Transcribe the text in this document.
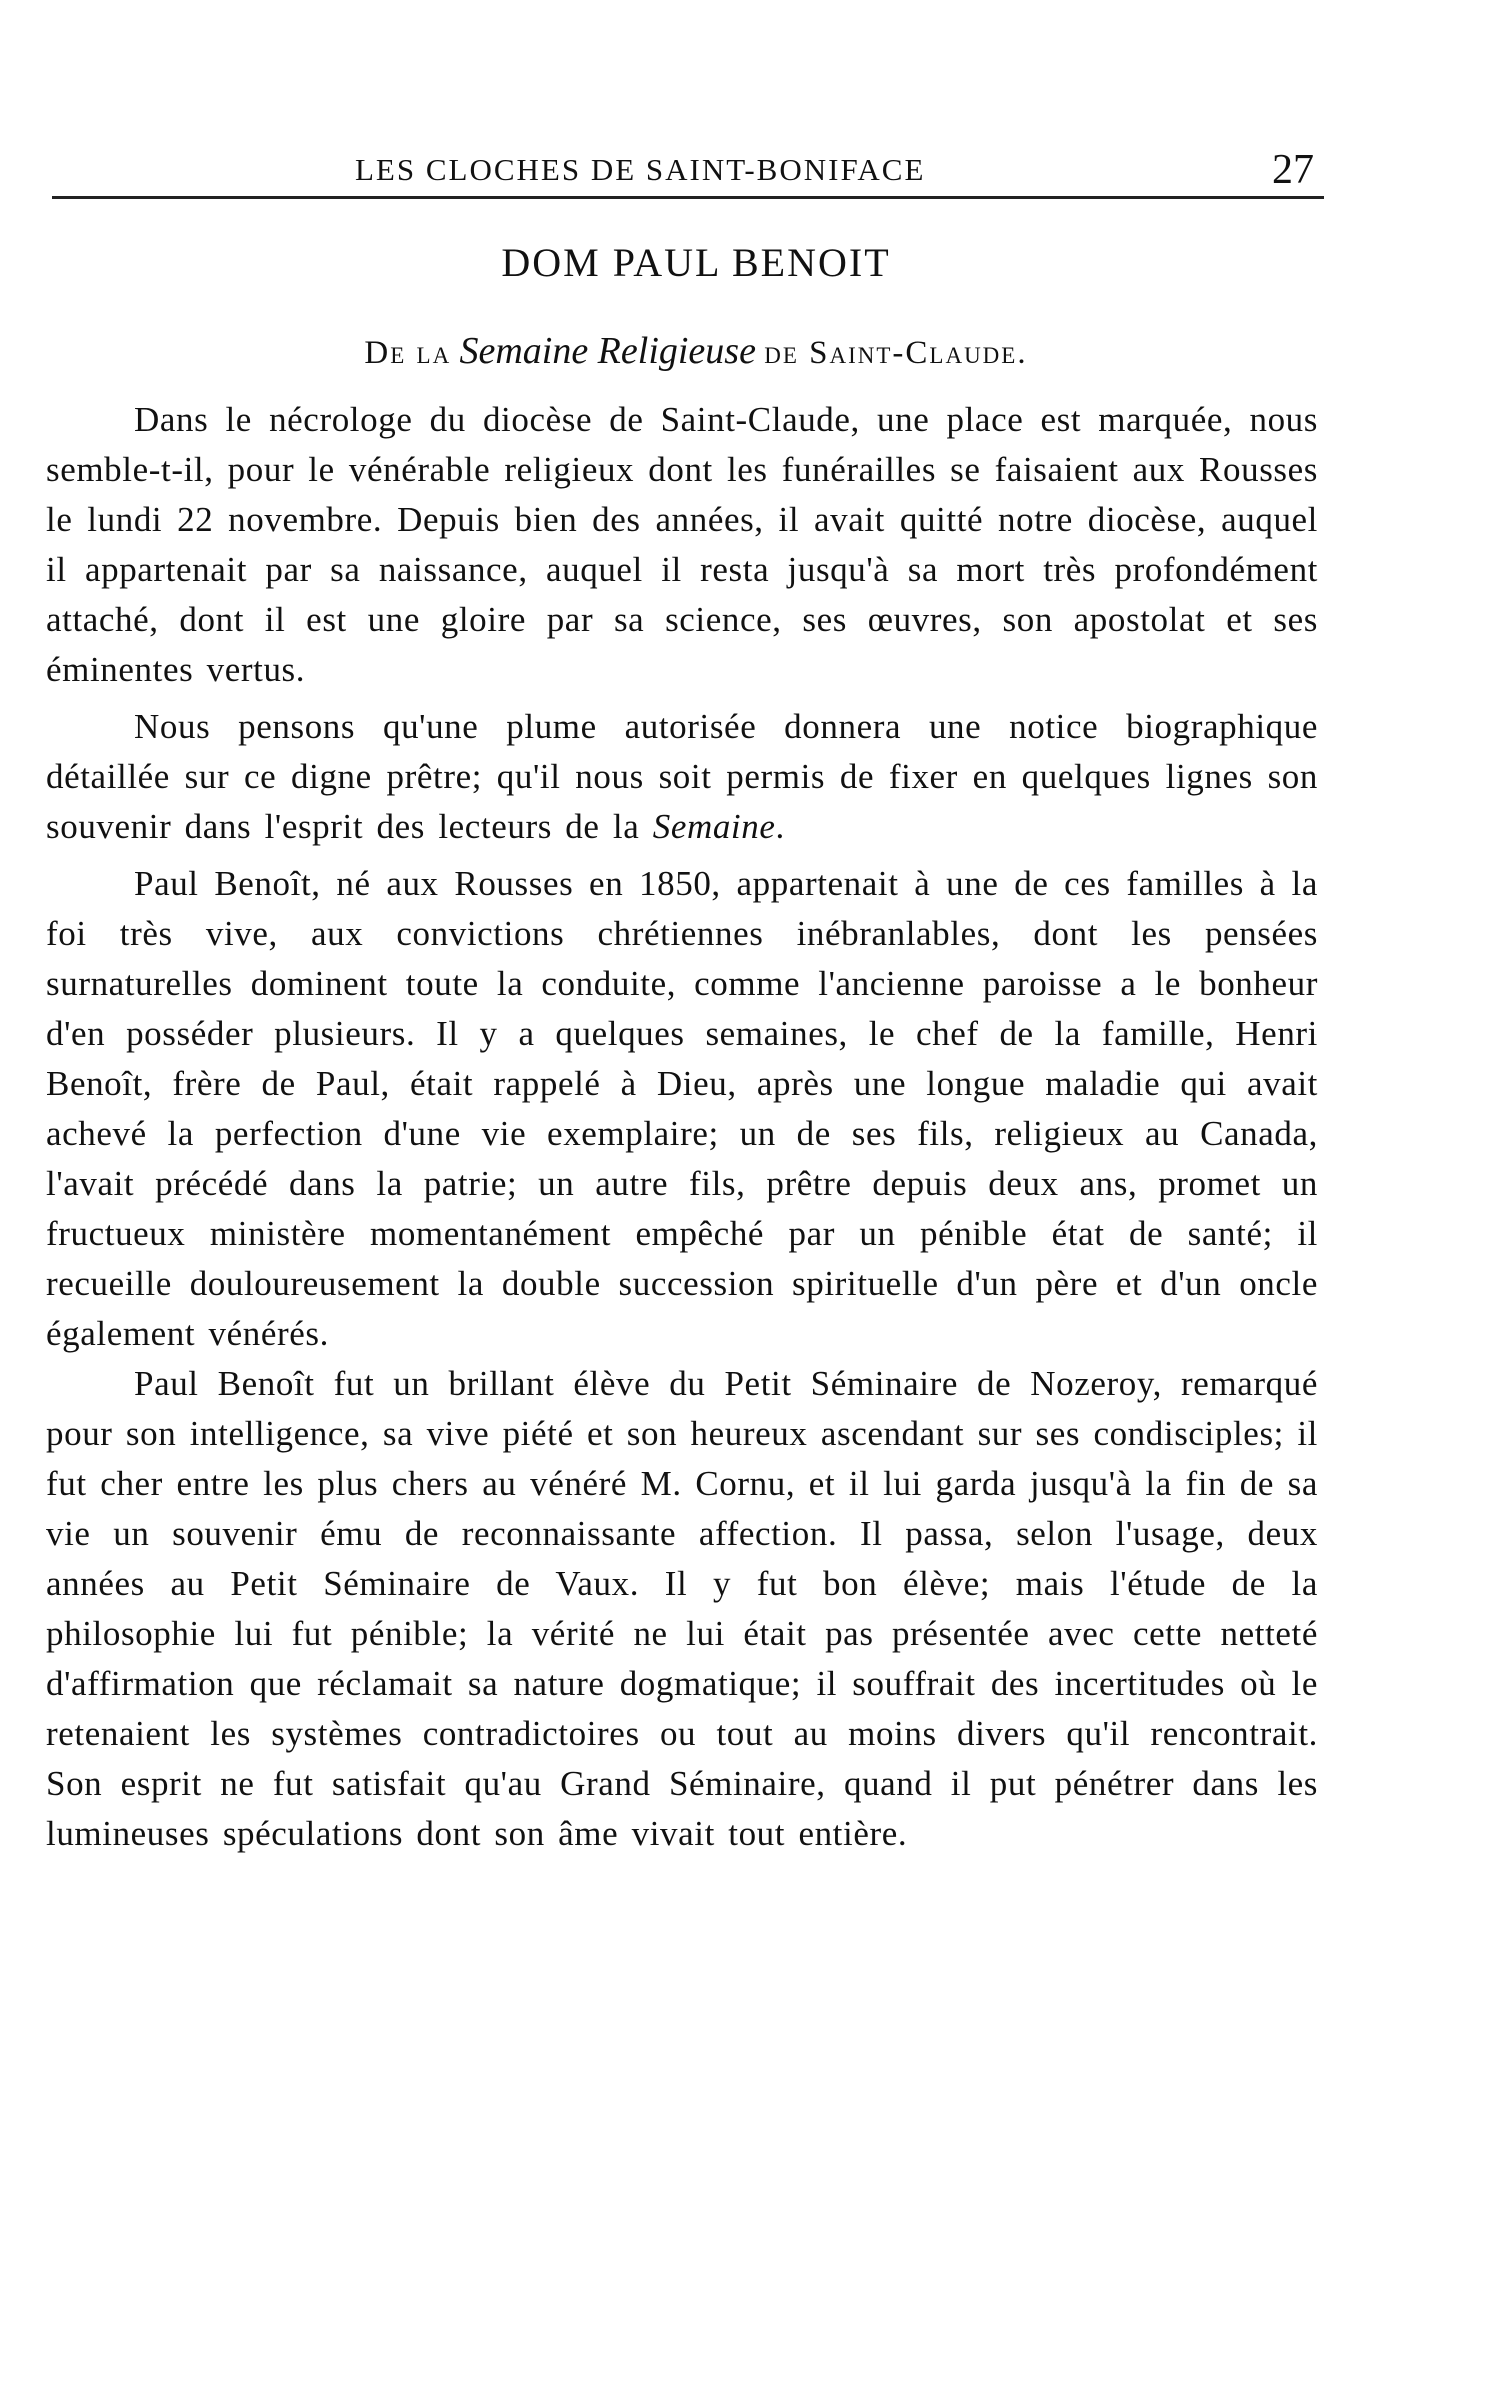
LES CLOCHES DE SAINT-BONIFACE	27
DOM PAUL BENOIT
De la Semaine Religieuse de Saint-Claude.

Dans le nécrologe du diocèse de Saint-Claude, une place est marquée, nous semble-t-il, pour le vénérable religieux dont les funérailles se faisaient aux Rousses le lundi 22 novembre. Depuis bien des années, il avait quitté notre diocèse, auquel il appartenait par sa naissance, auquel il resta jusqu'à sa mort très profondément attaché, dont il est une gloire par sa science, ses œuvres, son apostolat et ses éminentes vertus.

Nous pensons qu'une plume autorisée donnera une notice biographique détaillée sur ce digne prêtre; qu'il nous soit permis de fixer en quelques lignes son souvenir dans l'esprit des lecteurs de la Semaine.

Paul Benoît, né aux Rousses en 1850, appartenait à une de ces familles à la foi très vive, aux convictions chrétiennes inébranlables, dont les pensées surnaturelles dominent toute la conduite, comme l'ancienne paroisse a le bonheur d'en posséder plusieurs. Il y a quelques semaines, le chef de la famille, Henri Benoît, frère de Paul, était rappelé à Dieu, après une longue maladie qui avait achevé la perfection d'une vie exemplaire; un de ses fils, religieux au Canada, l'avait précédé dans la patrie; un autre fils, prêtre depuis deux ans, promet un fructueux ministère momentanément empêché par un pénible état de santé; il recueille douloureusement la double succession spirituelle d'un père et d'un oncle également vénérés.

Paul Benoît fut un brillant élève du Petit Séminaire de Nozeroy, remarqué pour son intelligence, sa vive piété et son heureux ascendant sur ses condisciples; il fut cher entre les plus chers au vénéré M. Cornu, et il lui garda jusqu'à la fin de sa vie un souvenir ému de reconnaissante affection. Il passa, selon l'usage, deux années au Petit Séminaire de Vaux. Il y fut bon élève; mais l'étude de la philosophie lui fut pénible; la vérité ne lui était pas présentée avec cette netteté d'affirmation que réclamait sa nature dogmatique; il souffrait des incertitudes où le retenaient les systèmes contradictoires ou tout au moins divers qu'il rencontrait. Son esprit ne fut satisfait qu'au Grand Séminaire, quand il put pénétrer dans les lumineuses spéculations dont son âme vivait tout entière.
